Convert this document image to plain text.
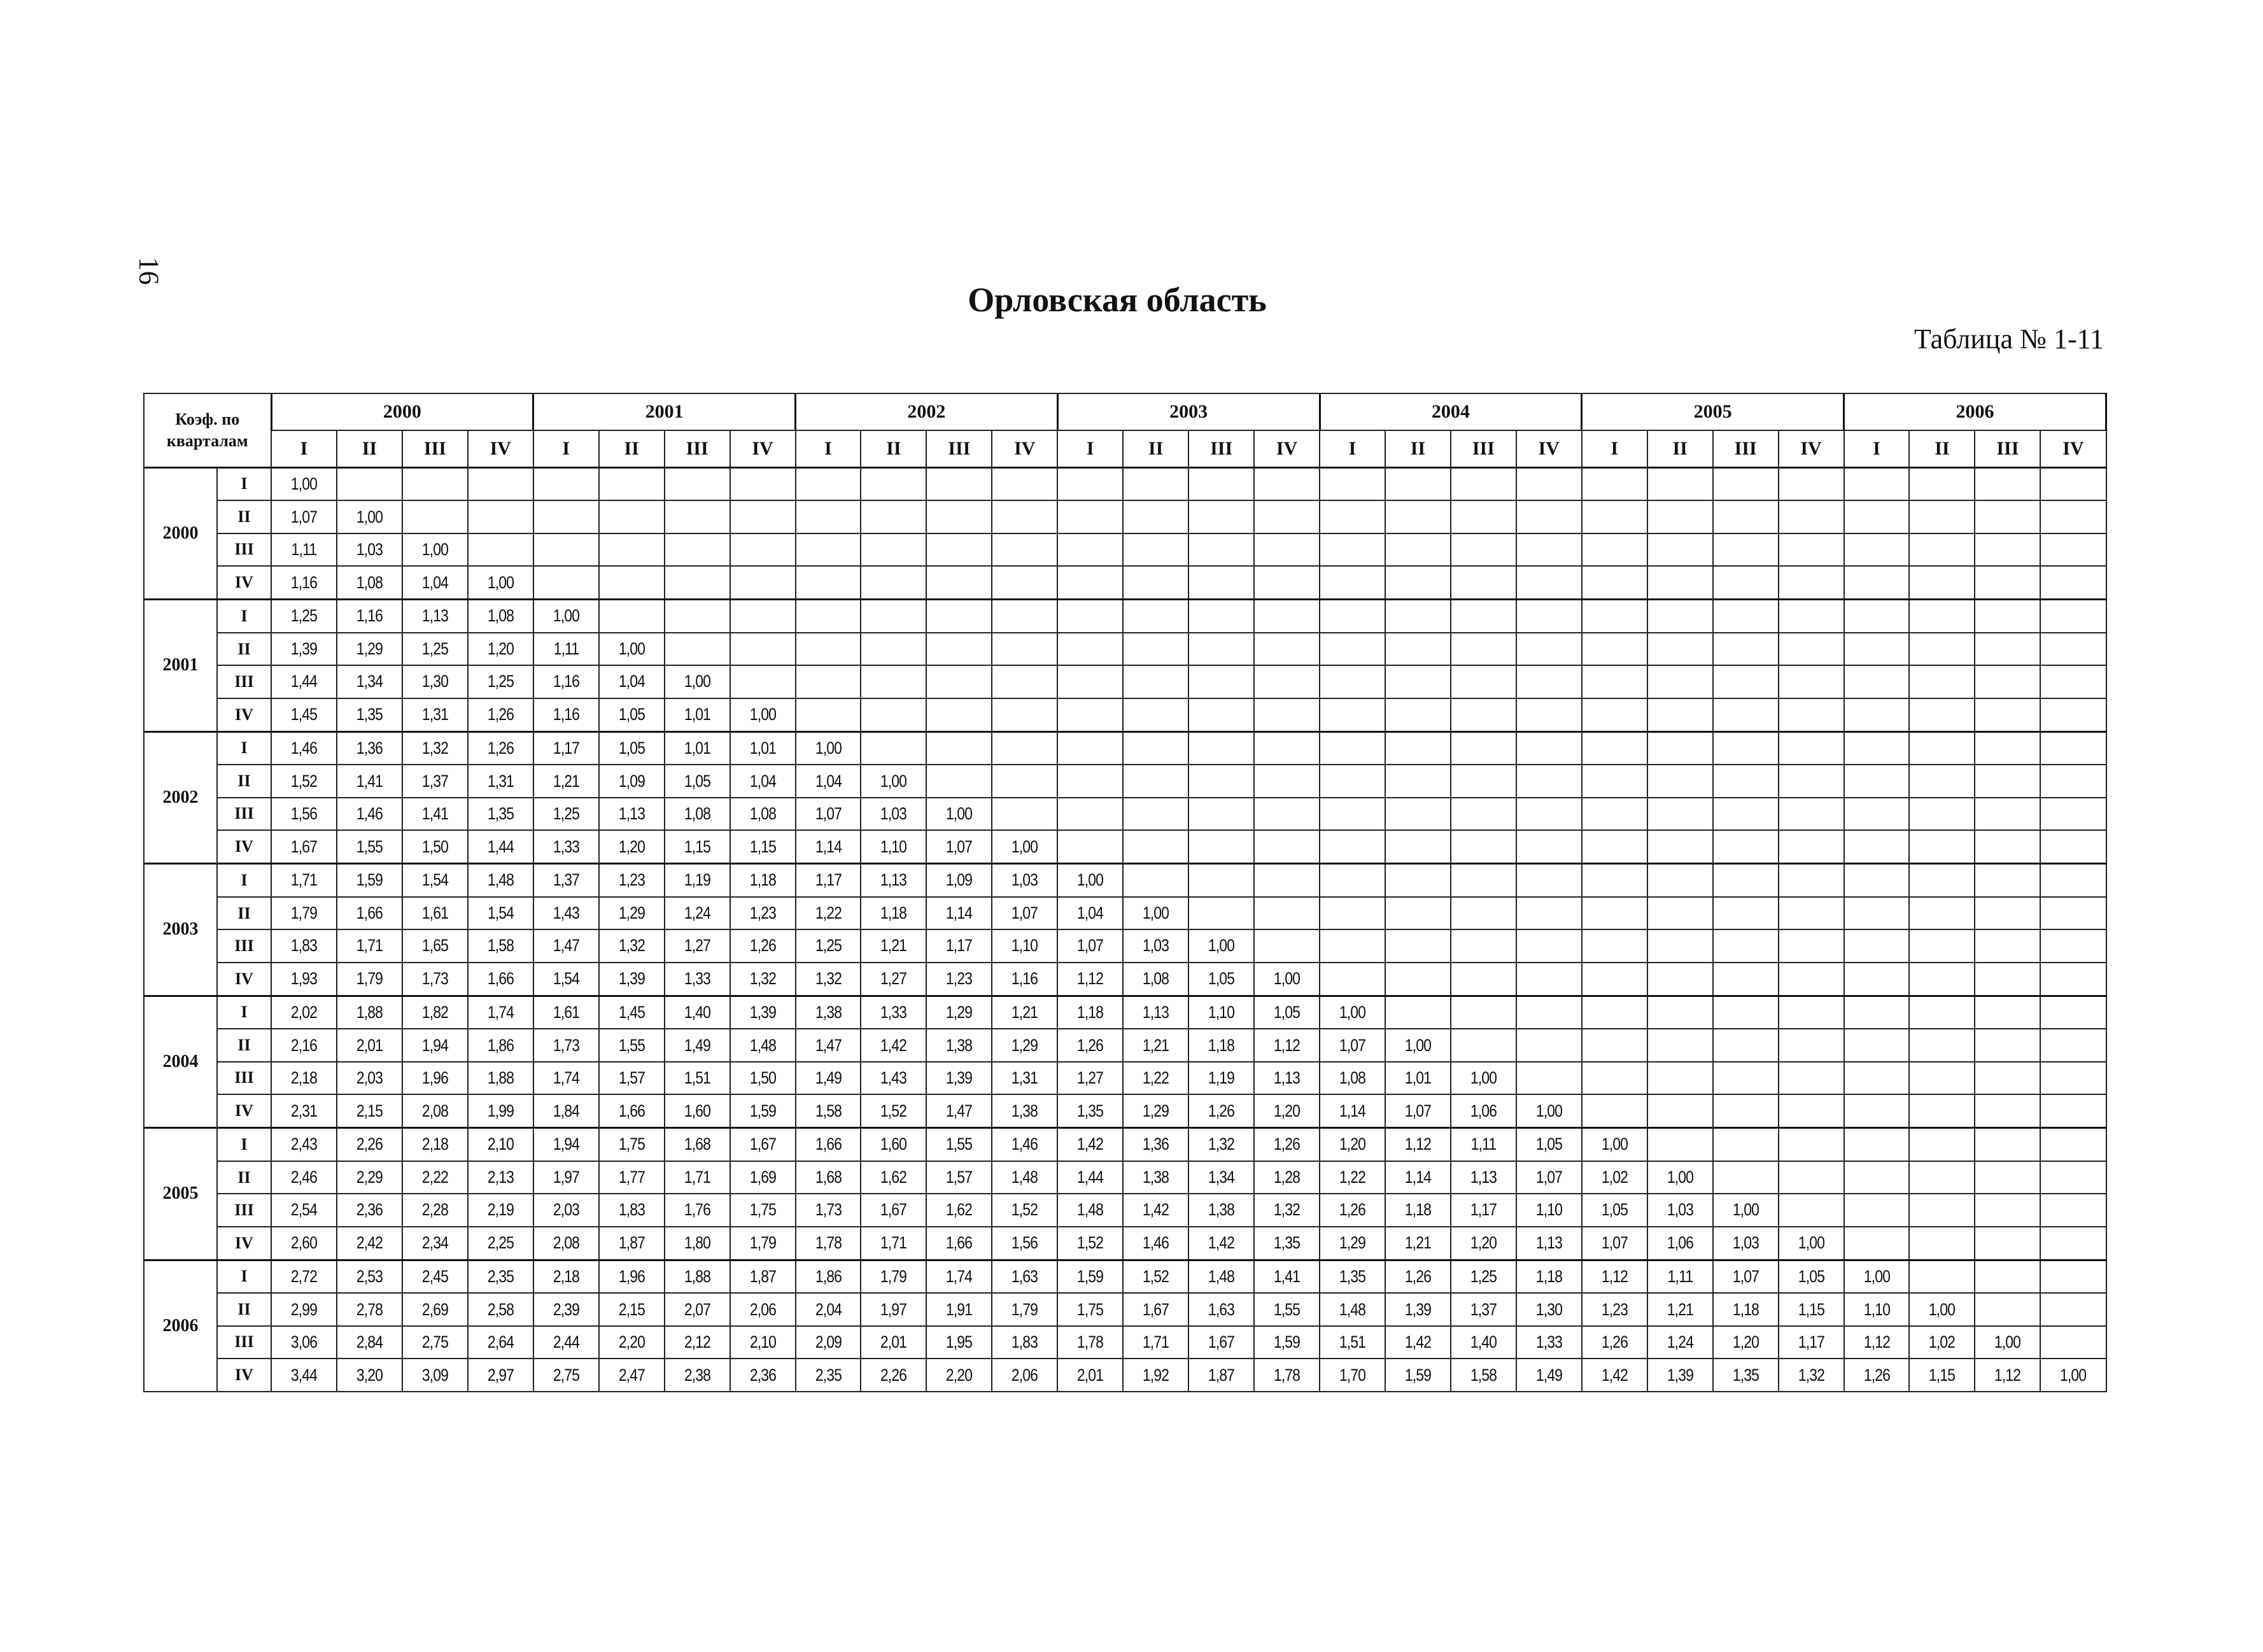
16
Орловская область
Таблица № 1-11
Коэф. по
кварталам		2000				2001				2002				2003				2004				2005				2006			
		I	II	III	IV	I	II	III	IV	I	II	III	IV	I	II	III	IV	I	II	III	IV	I	II	III	IV	I	II	III	IV
2000	I	1,00																											
	II	1,07	1,00																										
	III	1,11	1,03	1,00																									
	IV	1,16	1,08	1,04	1,00																								
2001	I	1,25	1,16	1,13	1,08	1,00																							
	II	1,39	1,29	1,25	1,20	1,11	1,00																						
	III	1,44	1,34	1,30	1,25	1,16	1,04	1,00																					
	IV	1,45	1,35	1,31	1,26	1,16	1,05	1,01	1,00																				
2002	I	1,46	1,36	1,32	1,26	1,17	1,05	1,01	1,01	1,00																			
	II	1,52	1,41	1,37	1,31	1,21	1,09	1,05	1,04	1,04	1,00																		
	III	1,56	1,46	1,41	1,35	1,25	1,13	1,08	1,08	1,07	1,03	1,00																	
	IV	1,67	1,55	1,50	1,44	1,33	1,20	1,15	1,15	1,14	1,10	1,07	1,00																
2003	I	1,71	1,59	1,54	1,48	1,37	1,23	1,19	1,18	1,17	1,13	1,09	1,03	1,00															
	II	1,79	1,66	1,61	1,54	1,43	1,29	1,24	1,23	1,22	1,18	1,14	1,07	1,04	1,00														
	III	1,83	1,71	1,65	1,58	1,47	1,32	1,27	1,26	1,25	1,21	1,17	1,10	1,07	1,03	1,00													
	IV	1,93	1,79	1,73	1,66	1,54	1,39	1,33	1,32	1,32	1,27	1,23	1,16	1,12	1,08	1,05	1,00												
2004	I	2,02	1,88	1,82	1,74	1,61	1,45	1,40	1,39	1,38	1,33	1,29	1,21	1,18	1,13	1,10	1,05	1,00											
	II	2,16	2,01	1,94	1,86	1,73	1,55	1,49	1,48	1,47	1,42	1,38	1,29	1,26	1,21	1,18	1,12	1,07	1,00										
	III	2,18	2,03	1,96	1,88	1,74	1,57	1,51	1,50	1,49	1,43	1,39	1,31	1,27	1,22	1,19	1,13	1,08	1,01	1,00									
	IV	2,31	2,15	2,08	1,99	1,84	1,66	1,60	1,59	1,58	1,52	1,47	1,38	1,35	1,29	1,26	1,20	1,14	1,07	1,06	1,00								
2005	I	2,43	2,26	2,18	2,10	1,94	1,75	1,68	1,67	1,66	1,60	1,55	1,46	1,42	1,36	1,32	1,26	1,20	1,12	1,11	1,05	1,00							
	II	2,46	2,29	2,22	2,13	1,97	1,77	1,71	1,69	1,68	1,62	1,57	1,48	1,44	1,38	1,34	1,28	1,22	1,14	1,13	1,07	1,02	1,00						
	III	2,54	2,36	2,28	2,19	2,03	1,83	1,76	1,75	1,73	1,67	1,62	1,52	1,48	1,42	1,38	1,32	1,26	1,18	1,17	1,10	1,05	1,03	1,00					
	IV	2,60	2,42	2,34	2,25	2,08	1,87	1,80	1,79	1,78	1,71	1,66	1,56	1,52	1,46	1,42	1,35	1,29	1,21	1,20	1,13	1,07	1,06	1,03	1,00				
2006	I	2,72	2,53	2,45	2,35	2,18	1,96	1,88	1,87	1,86	1,79	1,74	1,63	1,59	1,52	1,48	1,41	1,35	1,26	1,25	1,18	1,12	1,11	1,07	1,05	1,00			
	II	2,99	2,78	2,69	2,58	2,39	2,15	2,07	2,06	2,04	1,97	1,91	1,79	1,75	1,67	1,63	1,55	1,48	1,39	1,37	1,30	1,23	1,21	1,18	1,15	1,10	1,00		
	III	3,06	2,84	2,75	2,64	2,44	2,20	2,12	2,10	2,09	2,01	1,95	1,83	1,78	1,71	1,67	1,59	1,51	1,42	1,40	1,33	1,26	1,24	1,20	1,17	1,12	1,02	1,00	
	IV	3,44	3,20	3,09	2,97	2,75	2,47	2,38	2,36	2,35	2,26	2,20	2,06	2,01	1,92	1,87	1,78	1,70	1,59	1,58	1,49	1,42	1,39	1,35	1,32	1,26	1,15	1,12	1,00
